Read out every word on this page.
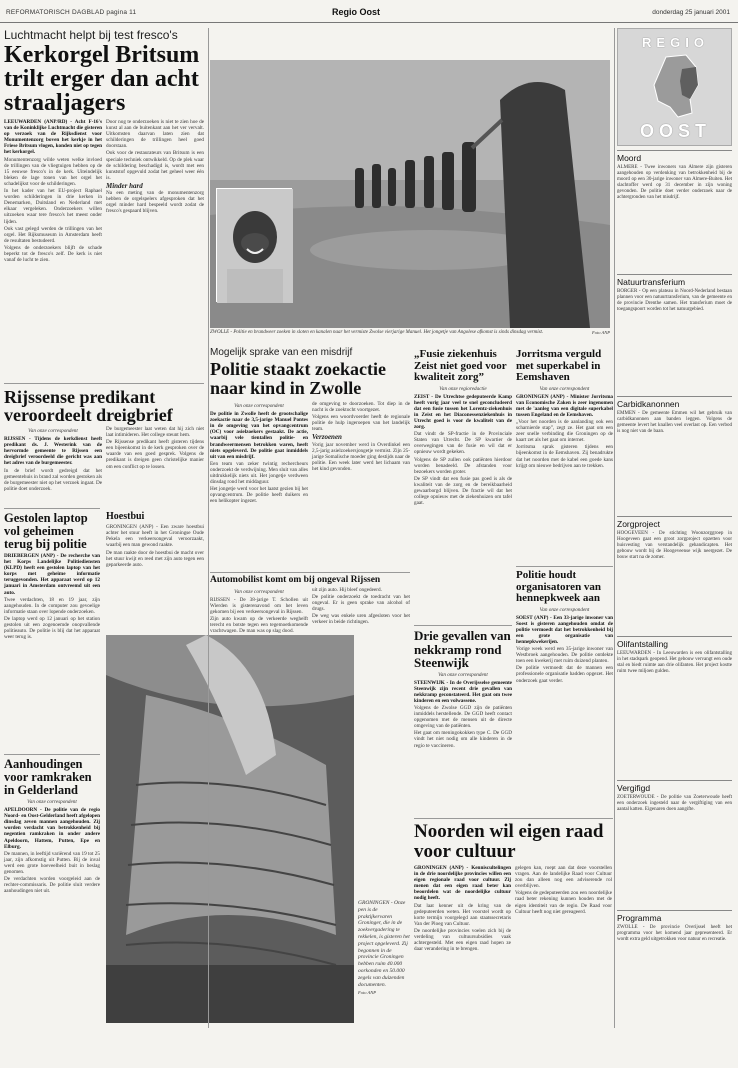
REFORMATORISCH DAGBLAD pagina 11	Regio Oost	donderdag 25 januari 2001
Luchtmacht helpt bij test fresco's
Kerkorgel Britsum trilt erger dan acht straaljagers

LEEUWARDEN (ANP/RD) - Acht F-16's van de Koninklijke Luchtmacht die gisteren op verzoek van de Rijksdienst voor Monumentenzorg boven het kerkje in het Friese Britsum vlogen, konden niet op tegen het kerkorgel.

Monumentenzorg wilde weten welke invloed de trillingen van de vliegtuigen hebben op de 15 eeuwse fresco's in de kerk. Uiteindelijk bleken de lage tonen van het orgel het schadelijkst voor de schilderingen.

In het kader van het EU-project Raphael worden schilderingen in drie kerken in Denemarken, Duitsland en Nederland met elkaar vergeleken. Onderzoekers willen uitzoeken waar tere fresco's het meest onder lijden.

Ook vast gelegd werden de trillingen van het orgel. Het Rijksmuseum in Amsterdam heeft de resultaten bestudeerd.

Volgens de onderzoekers blijft de schade beperkt tot de fresco's zelf. De kerk is niet vanaf de lucht te zien.

Door nog te onderzoeken is niet te zien hoe de kunst al aan de buitenkant aan het ver vervalt. Uitkomsten daarvan laten zien dat schilderingen de trillingen heel goed doorstaan.

Ook voor de restaurateurs van Britsum is een speciale techniek ontwikkeld. Op de plek waar de schildering beschadigd is, wordt met een kunststof opgevuld zodat het geheel weer één is.

Minder hard

Na een meting van de monumentenzorg hebben de orgelspelers afgesproken dat het orgel minder hard bespeeld wordt zodat de fresco's gespaard blijven.

Rijssense predikant veroordeelt dreigbrief
Van onze correspondent

RIJSSEN - Tijdens de kerkdienst heeft predikant ds. J. Westerink van de hervormde gemeente te Rijssen een dreigbrief veroordeeld die gericht was aan het adres van de burgemeester.

In de brief wordt gedreigd dat het gemeentehuis in brand zal worden gestoken als de burgemeester niet op het verzoek ingaat. De politie doet onderzoek.

De burgemeester laat weten dat hij zich niet laat intimideren. Het college steunt hem.

De Rijssense predikant heeft gisteren tijdens een bijeenkomst in de kerk gesproken over de waarde van een goed gesprek. Volgens de predikant is dreigen geen christelijke manier om een conflict op te lossen.

Gestolen laptop vol geheimen terug bij politie

DRIEBERGEN (ANP) - De recherche van het Korps Landelijke Politiediensten (KLPD) heeft een gestolen laptop van het korps met geheime informatie teruggevonden. Het apparaat werd op 12 januari in Amsterdam ontvreemd uit een auto.

Twee verdachten, 18 en 19 jaar, zijn aangehouden. In de computer zou gevoelige informatie staan over lopende onderzoeken.

De laptop werd op 12 januari op het station gestolen uit een zogenoemde onopvallende politieauto. De politie is blij dat het apparaat weer terug is.

Aanhoudingen voor ramkraken in Gelderland
Van onze correspondent

APELDOORN - De politie van de regio Noord- en Oost-Gelderland heeft afgelopen dinsdag zeven mannen aangehouden. Zij worden verdacht van betrokkenheid bij negentien ramkraken in onder andere Apeldoorn, Hattem, Putten, Epe en Elburg.

De mannen, in leeftijd variërend van 19 tot 25 jaar, zijn afkomstig uit Putten. Bij de inval werd een grote hoeveelheid buit in beslag genomen.

De verdachten worden voorgeleid aan de rechter-commissaris. De politie sluit verdere aanhoudingen niet uit.

Hoestbui

GRONINGEN (ANP) - Een zware hoestbui achter het stuur heeft in het Groningse Oude Pekela een verkeersongeval veroorzaakt, waarbij een man gewond raakte.

De man raakte door de hoestbui de macht over het stuur kwijt en reed met zijn auto tegen een geparkeerde auto.

ZWOLLE - Politie en brandweer zoeken in sloten en kanalen naar het vermiste Zwolse vierjarige Manuel. Het jongetje van Angolese afkomst is sinds dinsdag vermist.	Foto ANP
Mogelijk sprake van een misdrijf
Politie staakt zoekactie naar kind in Zwolle
Van onze correspondent

De politie in Zwolle heeft de grootschalige zoekactie naar de 3,5-jarige Manuel Pontes in de omgeving van het opvangcentrum (OC) voor asielzoekers gestaakt. De actie, waarbij vele tientallen politie- en brandweermensen betrokken waren, heeft niets opgeleverd. De politie gaat inmiddels uit van een misdrijf.

Een team van zeker twintig rechercheurs onderzoekt de verdwijning. Men sluit van alles uitdrukkelijk niets uit. Het jongetje verdween dinsdag rond het middaguur.

Het jongetje werd voor het laatst gezien bij het opvangcentrum. De politie heeft duikers en een helikopter ingezet.

de omgeving te doorzoeken. Tot diep in de nacht is de zoektocht voortgezet.

Volgens een woordvoerder heeft de regionale politie de hulp ingeroepen van het landelijk team.

Verzoenen

Vorig jaar november werd in Overdinkel een 2,5-jarig asielzoekersjongetje vermist. Zijn 25-jarige Somalische moeder ging destijds naar de politie. Een week later werd het lichaam van het kind gevonden.

Automobilist komt om bij ongeval Rijssen
Van onze correspondent

RIJSSEN - De 38-jarige T. Schollen uit Wierden is gisterenavond om het leven gekomen bij een verkeersongeval in Rijssen.

Zijn auto kwam op de verkeerde weghelft terecht en botste tegen een tegemoetkomende vrachtwagen. De man was op slag dood.

uit zijn auto. Hij bleef ongedeerd.

De politie onderzoekt de toedracht van het ongeval. Er is geen sprake van alcohol of drugs.

De weg was enkele uren afgesloten voor het verkeer in beide richtingen.

GRONINGEN - Onze pen is de praktijkervaren Groninger, die in de zoekvergadering te rekkelen, is gisteren het project opgeleverd. Zij begonnen in de provincie Groningen hebben ruim 40.000 oorkonden en 50.000 zegels van duizenden documenten.
Foto ANP
„Fusie ziekenhuis Zeist niet goed voor kwaliteit zorg”
Van onze regioredactie

ZEIST - De Utrechtse gedeputeerde Kamp heeft vorig jaar veel te snel geconcludeerd dat een fusie tussen het Lorentz-ziekenhuis in Zeist en het Diaconessenziekenhuis in Utrecht goed is voor de kwaliteit van de zorg.

Dat vindt de SP-fractie in de Provinciale Staten van Utrecht. De SP kwartier de overwegingen van de fusie en wil dat er opnieuw wordt gekeken.

Volgens de SP zullen ook patiënten hierdoor worden benadeeld. De afstanden voor bezoekers worden groter.

De SP vindt dat een fusie pas goed is als de kwaliteit van de zorg en de bereikbaarheid gewaarborgd blijven. De fractie wil dat het college opnieuw met de ziekenhuizen om tafel gaat.

Drie gevallen van nekkramp rond Steenwijk
Van onze correspondent

STEENWIJK - In de Overijsselse gemeente Steenwijk zijn recent drie gevallen van nekkramp geconstateerd. Het gaat om twee kinderen en een volwassene.

Volgens de Zwolse GGD zijn de patiënten inmiddels herstellende. De GGD heeft contact opgenomen met de mensen uit de directe omgeving van de patiënten.

Het gaat om meningokokken type C. De GGD vindt het niet nodig om alle kinderen in de regio te vaccineren.

Jorritsma verguld met superkabel in Eemshaven
Van onze correspondent

GRONINGEN (ANP) - Minister Jorritsma van Economische Zaken is zeer ingenomen met de 'aanleg van een digitale superkabel tussen Engeland en de Eemshaven.

„Voor het noorden is de aanlanding ook een scharnierde stap”, zegt ze. Het gaat om een zeer snelle verbinding die Groningen op de kaart zet als het gaat om internet.

Jorritsma sprak gisteren tijdens een bijeenkomst in de Eemshaven. Zij benadrukte dat het noorden met de kabel een goede kans krijgt om nieuwe bedrijven aan te trekken.

Politie houdt organisatoren van hennepkweek aan
Van onze correspondent

SOEST (ANP) - Een 33-jarige inwoner van Soest is gisteren aangehouden omdat de politie vermoedt dat het betrokkenheid bij een grote organisatie van hennepkwekerijen.

Vorige week werd een 35-jarige inwoner van Westbroek aangehouden. De politie ontdekte toen een kwekerij met ruim duizend planten.

De politie vermoedt dat de mannen een professionele organisatie hadden opgezet. Het onderzoek gaat verder.

Noorden wil eigen raad voor cultuur

GRONINGEN (ANP) - Kenniscultelingen in de drie noordelijke provincies willen een eigen regionale raad voor cultuur. Zij menen dat een eigen raad beter kan beoordelen wat de noordelijke cultuur nodig heeft.

Dat laat kenner uit de kring van de gedeputeerden weten. Het voorstel wordt op korte termijn voorgelegd aan staatssecretaris Van der Ploeg van Cultuur.

De noordelijke provincies voelen zich bij de verdeling van cultuursubsidies vaak achtergesteld. Met een eigen raad hopen ze daar verandering in te brengen.

gelegen kan, roept aan dat deze voorstellen vragen. Aan de landelijke Raad voor Cultuur zou dan alleen nog een adviserende rol overblijven.

Volgens de gedeputeerden zou een noordelijke raad beter rekening kunnen houden met de eigen identiteit van de regio. De Raad voor Cultuur heeft nog niet gereageerd.

REGIO
OOST
Moord
ALMERE - Twee inwoners van Almere zijn gisteren aangehouden op verdenking van betrokkenheid bij de moord op een 30-jarige inwoner van Almere-Buiten. Het slachtoffer werd op 31 december in zijn woning gevonden. De politie doet verder onderzoek naar de achtergronden van het misdrijf.
Natuurtransferium
BORGER - Op een plateau in Noord-Nederland bestaan plannen voor een natuurtransferium, van de gemeente en de provincie Drenthe samen. Het transferium moet de toegangspoort worden tot het natuurgebied.
Carbidkanonnen
EMMEN - De gemeente Emmen wil het gebruik van carbidkanonnen aan banden leggen. Volgens de gemeente levert het knallen veel overlast op. Een verbod is nog niet van de baan.
Zorgproject
HOOGEVEEN - De stichting Woonzorggroep in Hoogeveen gaat een groot zorgproject opzetten voor huisvesting van verstandelijk gehandicapten. Het gebouw wordt bij de Hoogeveense wijk neergezet. De bouw start na de zomer.
Olifantstalling
LEEUWARDEN - In Leeuwarden is een olifantstalling in het stadspark geopend. Het gebouw vervangt een oude stal en biedt ruimte aan drie olifanten. Het project kostte ruim twee miljoen gulden.
Vergifigd
ZOETERWOUDE - De politie van Zoeterwoude heeft een onderzoek ingesteld naar de vergiftiging van een aantal katten. Eigenaren doen aangifte.
Programma
ZWOLLE - De provincie Overijssel heeft het programma voor het komend jaar gepresenteerd. Er wordt extra geld uitgetrokken voor natuur en recreatie.
